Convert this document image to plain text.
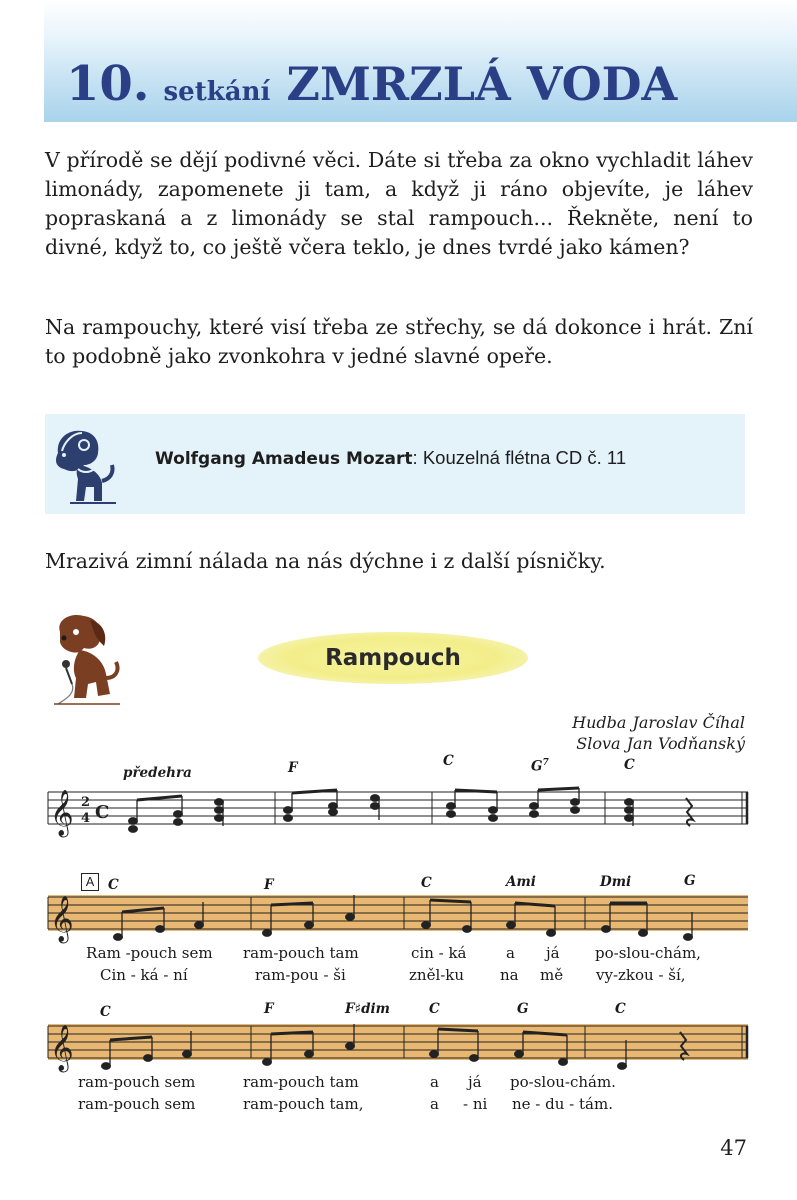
10. setkání ZMRZLÁ VODA

V přírodě se dějí podivné věci. Dáte si třeba za okno vychladit láhev limonády, zapomenete ji tam, a když ji ráno objevíte, je láhev popraskaná a z limonády se stal rampouch... Řekněte, není to divné, když to, co ještě včera teklo, je dnes tvrdé jako kámen?

Na rampouchy, které visí třeba ze střechy, se dá dokonce i hrát. Zní to podobně jako zvonkohra v jedné slavné opeře.

Wolfgang Amadeus Mozart: Kouzelná flétna CD č. 11
Mrazivá zimní nálada na nás dýchne i z další písničky.
Rampouch
Hudba Jaroslav Číhal
Slova Jan Vodňanský
𝄞 2
4 C
𝄞
𝄞
předehra
A
F	C	$G^7$	C
C	F	C	Ami	Dmi	G
C	F	F♯dim	C	G	C
Ram -pouch sem ram-pouch tam	cin - ká	a já po-slou-chám,
Cin - ká - ní	ram-pou - ši	zněl-ku na mě vy-zkou - ší,
ram-pouch sem	ram-pouch tam	a já po-slou-chám.
ram-pouch sem	ram-pouch tam,	a - ni ne - du - tám.
47
